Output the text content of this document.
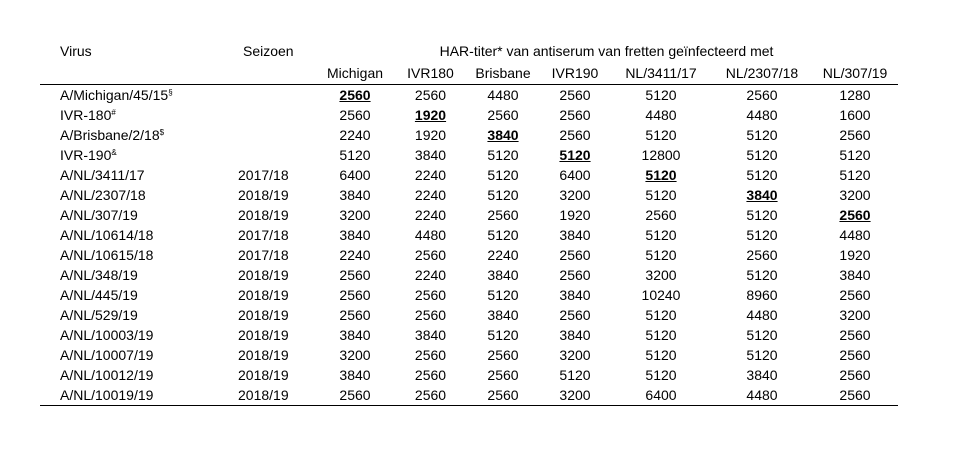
Virus	Seizoen	HAR-titer* van antiserum van fretten geïnfecteerd met						
		Michigan	IVR180	Brisbane	IVR190	NL/3411/17	NL/2307/18	NL/307/19
A/Michigan/45/15§		2560	2560	4480	2560	5120	2560	1280
IVR-180#		2560	1920	2560	2560	4480	4480	1600
A/Brisbane/2/18$		2240	1920	3840	2560	5120	5120	2560
IVR-190&		5120	3840	5120	5120	12800	5120	5120
A/NL/3411/17	2017/18	6400	2240	5120	6400	5120	5120	5120
A/NL/2307/18	2018/19	3840	2240	5120	3200	5120	3840	3200
A/NL/307/19	2018/19	3200	2240	2560	1920	2560	5120	2560
A/NL/10614/18	2017/18	3840	4480	5120	3840	5120	5120	4480
A/NL/10615/18	2017/18	2240	2560	2240	2560	5120	2560	1920
A/NL/348/19	2018/19	2560	2240	3840	2560	3200	5120	3840
A/NL/445/19	2018/19	2560	2560	5120	3840	10240	8960	2560
A/NL/529/19	2018/19	2560	2560	3840	2560	5120	4480	3200
A/NL/10003/19	2018/19	3840	3840	5120	3840	5120	5120	2560
A/NL/10007/19	2018/19	3200	2560	2560	3200	5120	5120	2560
A/NL/10012/19	2018/19	3840	2560	2560	5120	5120	3840	2560
A/NL/10019/19	2018/19	2560	2560	2560	3200	6400	4480	2560
